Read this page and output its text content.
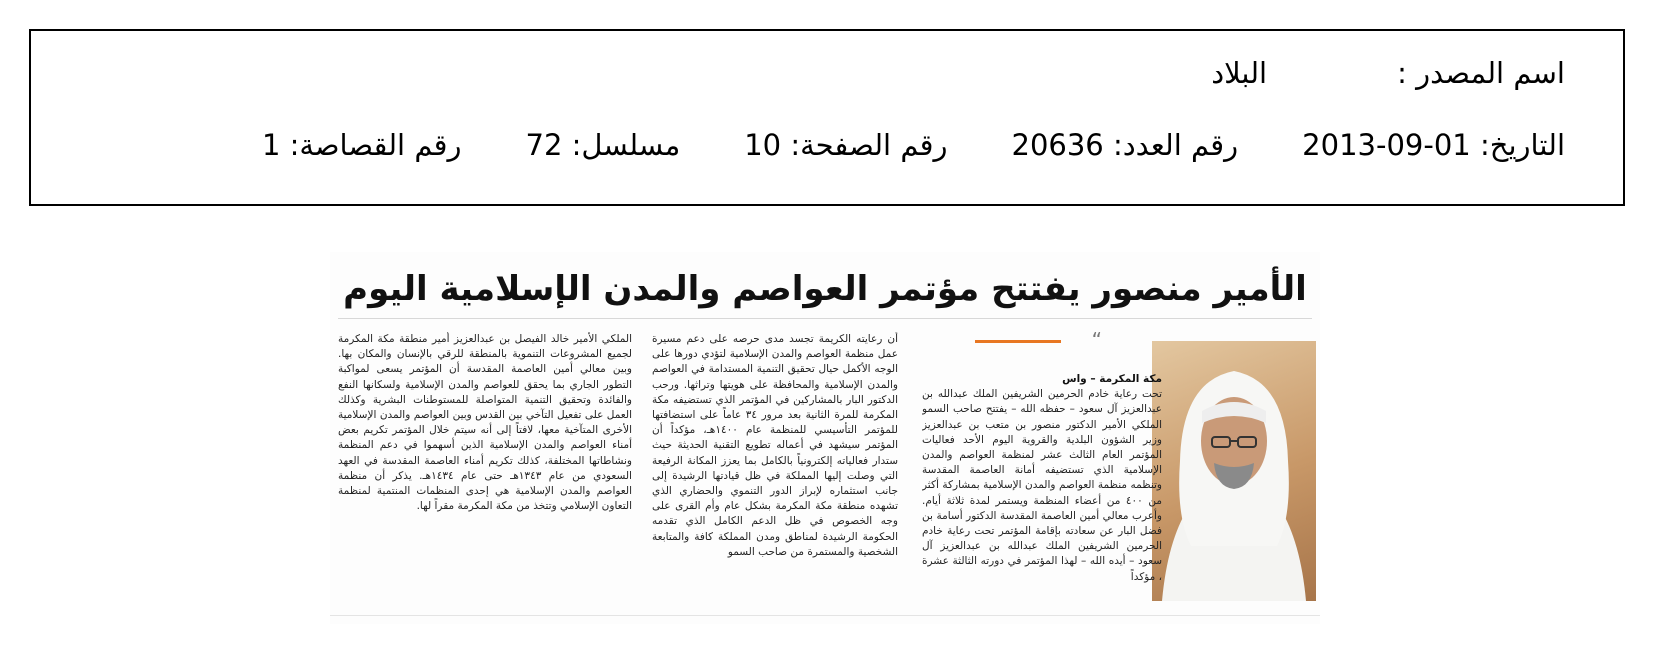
اسم المصدر :البلاد
التاريخ: 01-09-2013رقم العدد: 20636رقم الصفحة: 10مسلسل: 72رقم القصاصة: 1
الأمير منصور يفتتح مؤتمر العواصم والمدن الإسلامية اليوم
“
مكة المكرمة – واس
تحت رعاية خادم الحرمين الشريفين الملك عبدالله بن عبدالعزيز آل سعود – حفظه الله – يفتتح صاحب السمو الملكي الأمير الدكتور منصور بن متعب بن عبدالعزيز وزير الشؤون البلدية والقروية اليوم الأحد فعاليات المؤتمر العام الثالث عشر لمنظمة العواصم والمدن الإسلامية الذي تستضيفه أمانة العاصمة المقدسة وتنظمه منظمة العواصم والمدن الإسلامية بمشاركة أكثر من ٤٠٠ من أعضاء المنظمة ويستمر لمدة ثلاثة أيام. وأعرب معالي أمين العاصمة المقدسة الدكتور أسامة بن فضل البار عن سعادته بإقامة المؤتمر تحت رعاية خادم الحرمين الشريفين الملك عبدالله بن عبدالعزيز آل سعود – أيده الله – لهذا المؤتمر في دورته الثالثة عشرة ، مؤكداً
أن رعايته الكريمة تجسد مدى حرصه على دعم مسيرة عمل منظمة العواصم والمدن الإسلامية لتؤدي دورها على الوجه الأكمل حيال تحقيق التنمية المستدامة في العواصم والمدن الإسلامية والمحافظة على هويتها وتراثها. ورحب الدكتور البار بالمشاركين في المؤتمر الذي تستضيفه مكة المكرمة للمرة الثانية بعد مرور ٣٤ عاماً على استضافتها للمؤتمر التأسيسي للمنظمة عام ١٤٠٠هـ، مؤكداً أن المؤتمر سيشهد في أعماله تطويع التقنية الحديثة حيث ستدار فعالياته إلكترونياً بالكامل بما يعزز المكانة الرفيعة التي وصلت إليها المملكة في ظل قيادتها الرشيدة إلى جانب استثماره لإبراز الدور التنموي والحضاري الذي تشهده منطقة مكة المكرمة بشكل عام وأم القرى على وجه الخصوص في ظل الدعم الكامل الذي تقدمه الحكومة الرشيدة لمناطق ومدن المملكة كافة والمتابعة الشخصية والمستمرة من صاحب السمو
الملكي الأمير خالد الفيصل بن عبدالعزيز أمير منطقة مكة المكرمة لجميع المشروعات التنموية بالمنطقة للرقي بالإنسان والمكان بها. وبين معالي أمين العاصمة المقدسة أن المؤتمر يسعى لمواكبة التطور الجاري بما يحقق للعواصم والمدن الإسلامية ولسكانها النفع والفائدة وتحقيق التنمية المتواصلة للمستوطنات البشرية وكذلك العمل على تفعيل التآخي بين القدس وبين العواصم والمدن الإسلامية الأخرى المتآخية معها، لافتاً إلى أنه سيتم خلال المؤتمر تكريم بعض أمناء العواصم والمدن الإسلامية الذين أسهموا في دعم المنظمة ونشاطاتها المختلفة، كذلك تكريم أمناء العاصمة المقدسة في العهد السعودي من عام ١٣٤٣هـ حتى عام ١٤٣٤هـ. يذكر أن منظمة العواصم والمدن الإسلامية هي إحدى المنظمات المنتمية لمنظمة التعاون الإسلامي وتتخذ من مكة المكرمة مقراً لها.
